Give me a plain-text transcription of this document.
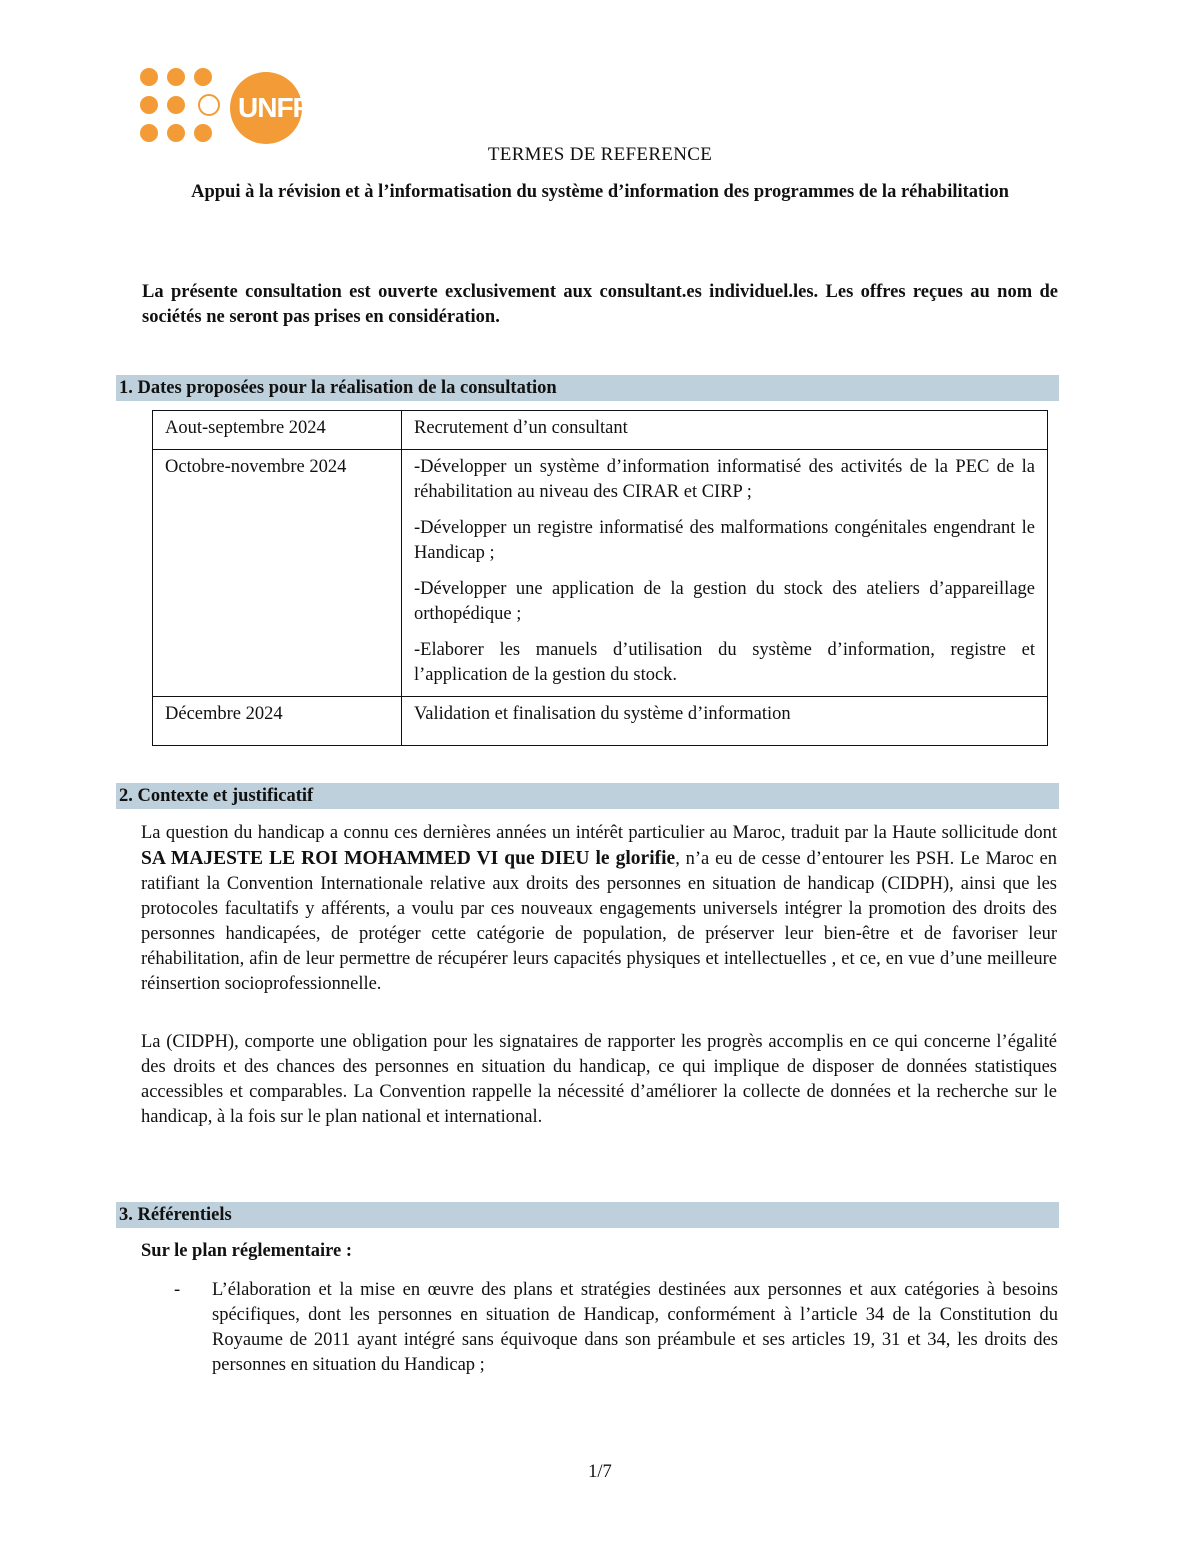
UNFPA
TERMES DE REFERENCE
Appui à la révision et à l’informatisation du système d’information des programmes de la réhabilitation
La présente consultation est ouverte exclusivement aux consultant.es individuel.les. Les offres reçues au nom de sociétés ne seront pas prises en considération.
1. Dates proposées pour la réalisation de la consultation
Aout-septembre 2024	Recrutement d’un consultant

Octobre-novembre 2024	-Développer un système d’information informatisé des activités de la PEC de la réhabilitation au niveau des CIRAR et CIRP ;

-Développer un registre informatisé des malformations congénitales engendrant le Handicap ;

-Développer une application de la gestion du stock des ateliers d’appareillage orthopédique ;

-Elaborer les manuels d’utilisation du système d’information, registre et l’application de la gestion du stock.

Décembre 2024	Validation et finalisation du système d’information

2. Contexte et justificatif

La question du handicap a connu ces dernières années un intérêt particulier au Maroc, traduit par la Haute sollicitude dont SA MAJESTE LE ROI MOHAMMED VI que DIEU le glorifie, n’a eu de cesse d’entourer les PSH. Le Maroc en ratifiant la Convention Internationale relative aux droits des personnes en situation de handicap (CIDPH), ainsi que les protocoles facultatifs y afférents, a voulu par ces nouveaux engagements universels intégrer la promotion des droits des personnes handicapées, de protéger cette catégorie de population, de préserver leur bien-être et de favoriser leur réhabilitation, afin de leur permettre de récupérer leurs capacités physiques et intellectuelles , et ce, en vue d’une meilleure réinsertion socioprofessionnelle.

La (CIDPH), comporte une obligation pour les signataires de rapporter les progrès accomplis en ce qui concerne l’égalité des droits et des chances des personnes en situation du handicap, ce qui implique de disposer de données statistiques accessibles et comparables. La Convention rappelle la nécessité d’améliorer la collecte de données et la recherche sur le handicap, à la fois sur le plan national et international.

3. Référentiels
Sur le plan réglementaire :
- L’élaboration et la mise en œuvre des plans et stratégies destinées aux personnes et aux catégories à besoins spécifiques, dont les personnes en situation de Handicap, conformément à l’article 34 de la Constitution du Royaume de 2011 ayant intégré sans équivoque dans son préambule et ses articles 19, 31 et 34, les droits des personnes en situation du Handicap ;

1/7
